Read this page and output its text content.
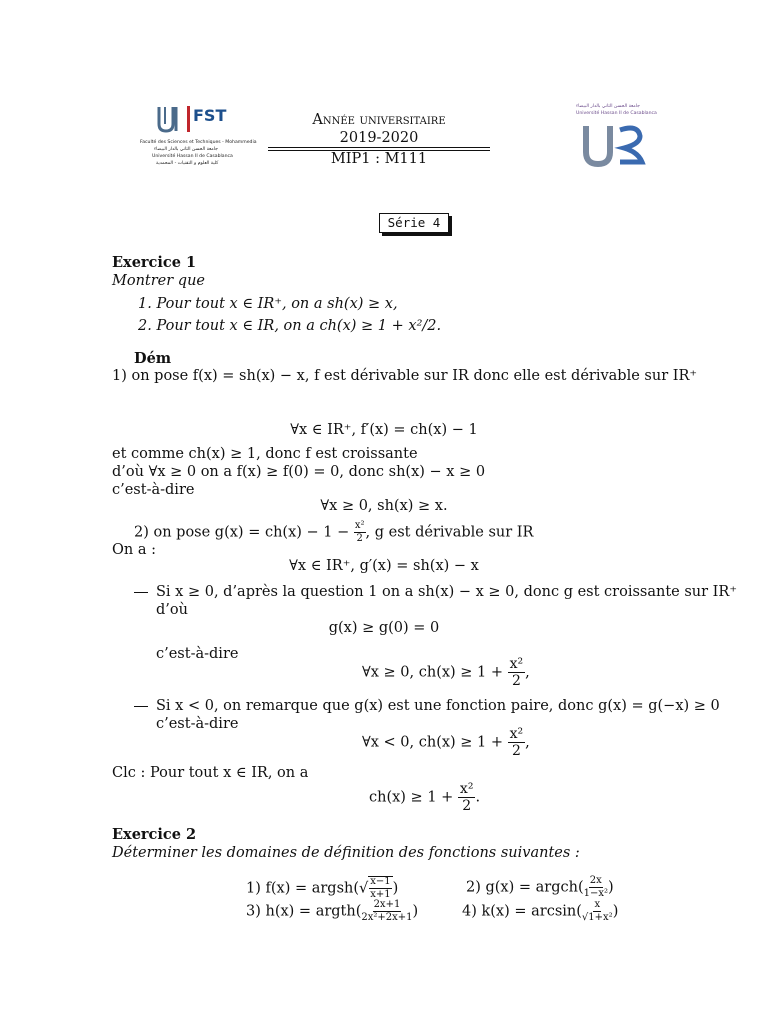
FST
Faculté des Sciences et Techniques - Mohammedia
جامعة الحسن الثاني بالدار البيضاء
Université Hassan II de Casablanca
كلية العلوم و التقنيات - المحمدية
Année universitaire
2019-2020
MIP1 : M111
جامعة الحسن الثاني بالدار البيضاء
Université Hassan II de Casablanca
Série 4
Exercice 1
Montrer que
1. Pour tout x ∈ IR⁺, on a sh(x) ≥ x,
2. Pour tout x ∈ IR, on a ch(x) ≥ 1 + x²/2.
Dém
1) on pose f(x) = sh(x) − x, f est dérivable sur IR donc elle est dérivable sur IR⁺
∀x ∈ IR⁺, f′(x) = ch(x) − 1
et comme ch(x) ≥ 1, donc f est croissante
d’où ∀x ≥ 0 on a f(x) ≥ f(0) = 0, donc sh(x) − x ≥ 0
c’est-à-dire
∀x ≥ 0, sh(x) ≥ x.
2) on pose $g(x) = ch(x) - 1 - \frac{\text{x²}}{2}$ , g est dérivable sur IR
On a :
∀x ∈ IR⁺, g′(x) = sh(x) − x
Si x ≥ 0, d’après la question 1 on a sh(x) − x ≥ 0, donc g est croissante sur IR⁺
d’où
g(x) ≥ g(0) = 0
c’est-à-dire
∀x ≥ 0, $ch(x) \ge 1 + \frac{\text{x²}}{2}$ ,
Si x < 0, on remarque que g(x) est une fonction paire, donc g(x) = g(−x) ≥ 0
c’est-à-dire
∀x < 0, $ch(x) \ge 1 + \frac{\text{x²}}{2}$ ,
Clc : Pour tout x ∈ IR, on a
$ch(x) \ge 1 + \frac{\text{x²}}{2}$ .
Exercice 2
Déterminer les domaines de définition des fonctions suivantes :
1) f(x) = argsh(√ $\frac{x-1}{x+1}$ )	2) g(x) = argch( $\frac{2x}{\text{1−x²}}$ )
3) h(x) = argth( $\frac{2x+1}{\text{2x²+2x+1}}$ )	4) $k(x) = \arcsin( \frac{x}{\text{√1+x²}}$ )
